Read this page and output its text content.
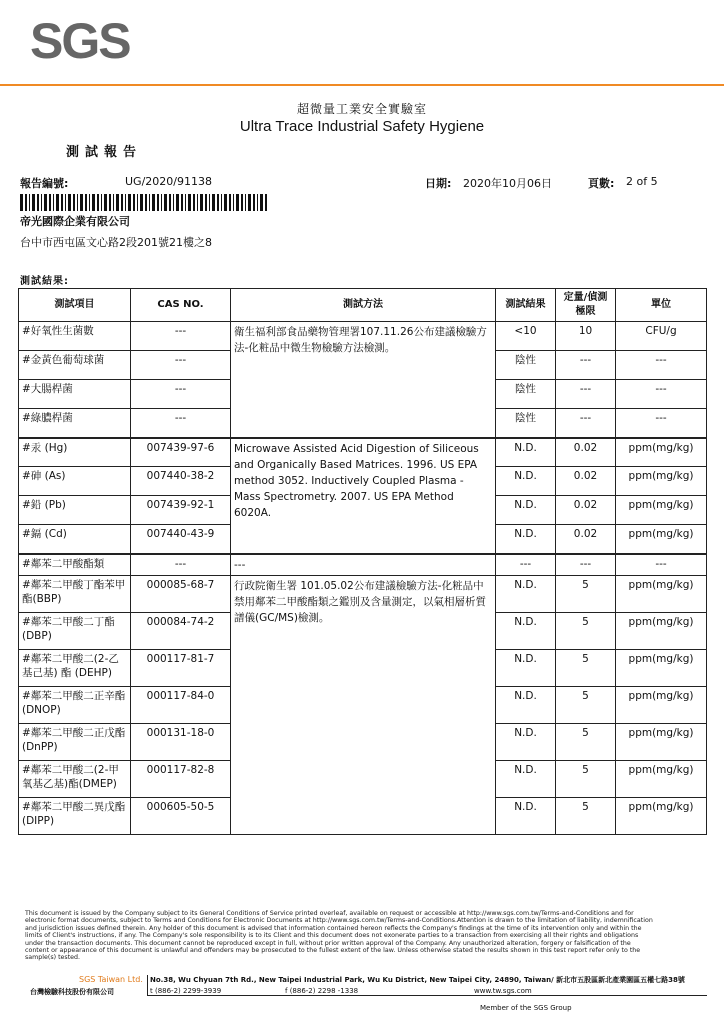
SGS
超微量工業安全實驗室
Ultra Trace Industrial Safety Hygiene
測試報告
報告編號:	UG/2020/91138	日期: 2020年10月06日	頁數: 2 of 5
帝光國際企業有限公司
台中市西屯區文心路2段201號21樓之8
測試結果:
測試項目	CAS NO.	測試方法	測試結果	定量/偵測極限	單位
#好氧性生菌數	---	衛生福利部食品藥物管理署107.11.26公布建議檢驗方法-化粧品中微生物檢驗方法檢測。	<10	10	CFU/g
#金黃色葡萄球菌	---		陰性	---	---
#大腸桿菌	---		陰性	---	---
#綠膿桿菌	---		陰性	---	---
#汞 (Hg)	007439-97-6	Microwave Assisted Acid Digestion of Siliceous and Organically Based Matrices. 1996. US EPA method 3052. Inductively Coupled Plasma - Mass Spectrometry. 2007. US EPA Method 6020A.	N.D.	0.02	ppm(mg/kg)
#砷 (As)	007440-38-2		N.D.	0.02	ppm(mg/kg)
#鉛 (Pb)	007439-92-1		N.D.	0.02	ppm(mg/kg)
#鎘 (Cd)	007440-43-9		N.D.	0.02	ppm(mg/kg)
#鄰苯二甲酸酯類	---	---	---	---	---
#鄰苯二甲酸丁酯苯甲酯(BBP)	000085-68-7	行政院衛生署 101.05.02公布建議檢驗方法-化粧品中禁用鄰苯二甲酸酯類之鑑別及含量測定，以氣相層析質譜儀(GC/MS)檢測。	N.D.	5	ppm(mg/kg)
#鄰苯二甲酸二丁酯(DBP)	000084-74-2		N.D.	5	ppm(mg/kg)
#鄰苯二甲酸二(2-乙基己基) 酯 (DEHP)	000117-81-7		N.D.	5	ppm(mg/kg)
#鄰苯二甲酸二正辛酯 (DNOP)	000117-84-0		N.D.	5	ppm(mg/kg)
#鄰苯二甲酸二正戊酯 (DnPP)	000131-18-0		N.D.	5	ppm(mg/kg)
#鄰苯二甲酸二(2-甲氧基乙基)酯(DMEP)	000117-82-8		N.D.	5	ppm(mg/kg)
#鄰苯二甲酸二異戊酯 (DIPP)	000605-50-5		N.D.	5	ppm(mg/kg)
This document is issued by the Company subject to its General Conditions of Service printed overleaf, available on request or accessible at http://www.sgs.com.tw/Terms-and-Conditions and for electronic format documents, subject to Terms and Conditions for Electronic Documents at http://www.sgs.com.tw/Terms-and-Conditions.Attention is drawn to the limitation of liability, indemnification and jurisdiction issues defined therein. Any holder of this document is advised that information contained hereon reflects the Company's findings at the time of its intervention only and within the limits of Client's instructions, if any. The Company's sole responsibility is to its Client and this document does not exonerate parties to a transaction from exercising all their rights and obligations under the transaction documents. This document cannot be reproduced except in full, without prior written approval of the Company. Any unauthorized alteration, forgery or falsification of the content or appearance of this document is unlawful and offenders may be prosecuted to the fullest extent of the law. Unless otherwise stated the results shown in this test report refer only to the sample(s) tested.
SGS Taiwan Ltd.
台灣檢驗科技股份有限公司
No.38, Wu Chyuan 7th Rd., New Taipei Industrial Park, Wu Ku District, New Taipei City, 24890, Taiwan/ 新北市五股區新北產業園區五權七路38號
t (886-2) 2299-3939	f (886-2) 2298 -1338	www.tw.sgs.com
Member of the SGS Group
